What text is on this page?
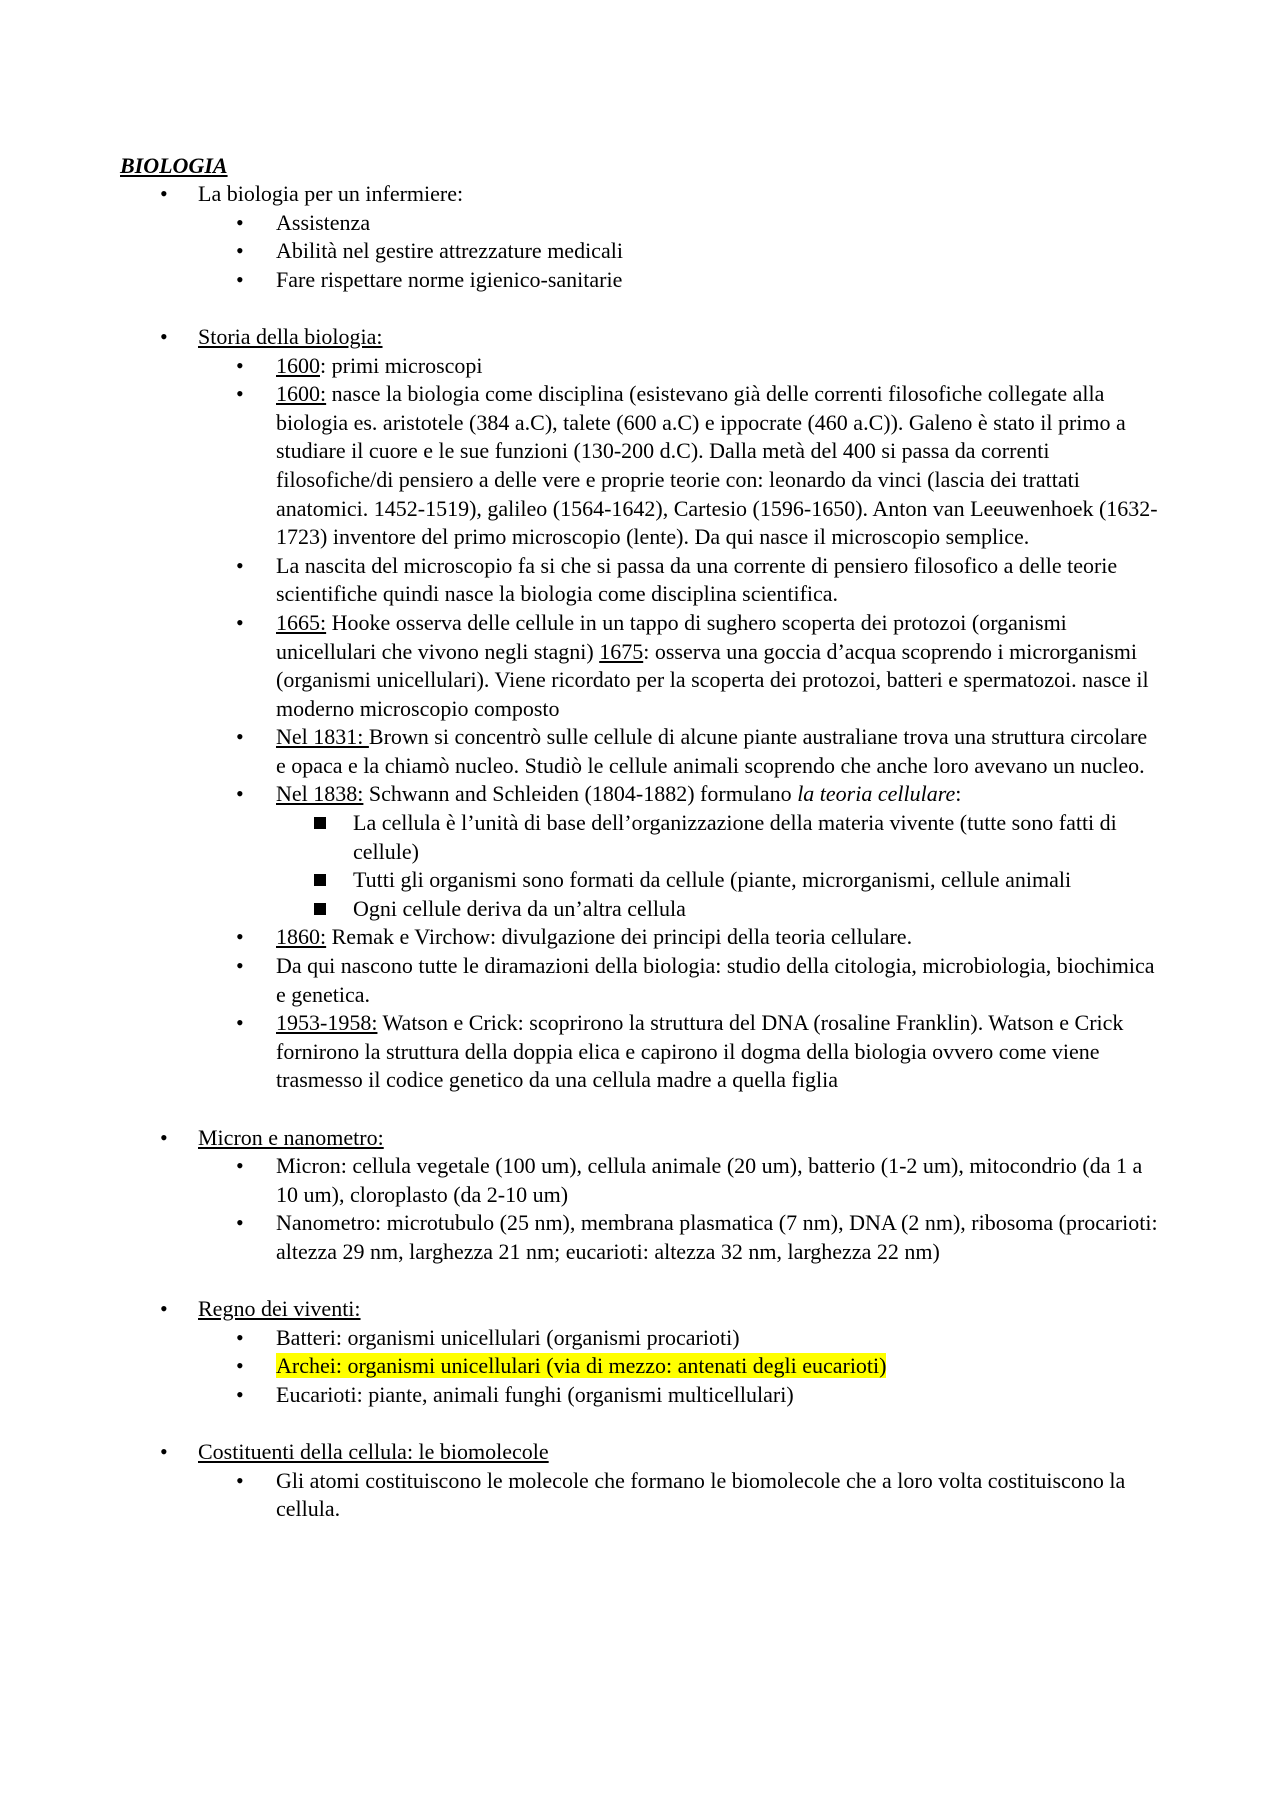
BIOLOGIA
• La biologia per un infermiere:
• Assistenza
• Abilità nel gestire attrezzature medicali
• Fare rispettare norme igienico-sanitarie
• Storia della biologia:
• 1600: primi microscopi
• 1600: nasce la biologia come disciplina (esistevano già delle correnti filosofiche collegate alla biologia es. aristotele (384 a.C), talete (600 a.C) e ippocrate (460 a.C)). Galeno è stato il primo a studiare il cuore e le sue funzioni (130-200 d.C). Dalla metà del 400 si passa da correnti filosofiche/di pensiero a delle vere e proprie teorie con: leonardo da vinci (lascia dei trattati anatomici. 1452-1519), galileo (1564-1642), Cartesio (1596-1650). Anton van Leeuwenhoek (1632-1723) inventore del primo microscopio (lente). Da qui nasce il microscopio semplice.
• La nascita del microscopio fa si che si passa da una corrente di pensiero filosofico a delle teorie scientifiche quindi nasce la biologia come disciplina scientifica.
• 1665: Hooke osserva delle cellule in un tappo di sughero scoperta dei protozoi (organismi unicellulari che vivono negli stagni) 1675: osserva una goccia d’acqua scoprendo i microrganismi (organismi unicellulari). Viene ricordato per la scoperta dei protozoi, batteri e spermatozoi. nasce il moderno microscopio composto
• Nel 1831: Brown si concentrò sulle cellule di alcune piante australiane trova una struttura circolare e opaca e la chiamò nucleo. Studiò le cellule animali scoprendo che anche loro avevano un nucleo.
• Nel 1838: Schwann and Schleiden (1804-1882) formulano la teoria cellulare:
La cellula è l’unità di base dell’organizzazione della materia vivente (tutte sono fatti di cellule)
Tutti gli organismi sono formati da cellule (piante, microrganismi, cellule animali
Ogni cellule deriva da un’altra cellula
• 1860: Remak e Virchow: divulgazione dei principi della teoria cellulare.
• Da qui nascono tutte le diramazioni della biologia: studio della citologia, microbiologia, biochimica e genetica.
• 1953-1958: Watson e Crick: scoprirono la struttura del DNA (rosaline Franklin). Watson e Crick fornirono la struttura della doppia elica e capirono il dogma della biologia ovvero come viene trasmesso il codice genetico da una cellula madre a quella figlia
• Micron e nanometro:
• Micron: cellula vegetale (100 um), cellula animale (20 um), batterio (1-2 um), mitocondrio (da 1 a 10 um), cloroplasto (da 2-10 um)
• Nanometro: microtubulo (25 nm), membrana plasmatica (7 nm), DNA (2 nm), ribosoma (procarioti: altezza 29 nm, larghezza 21 nm; eucarioti: altezza 32 nm, larghezza 22 nm)
• Regno dei viventi:
• Batteri: organismi unicellulari (organismi procarioti)
• Archei: organismi unicellulari (via di mezzo: antenati degli eucarioti)
• Eucarioti: piante, animali funghi (organismi multicellulari)
• Costituenti della cellula: le biomolecole
• Gli atomi costituiscono le molecole che formano le biomolecole che a loro volta costituiscono la cellula.
